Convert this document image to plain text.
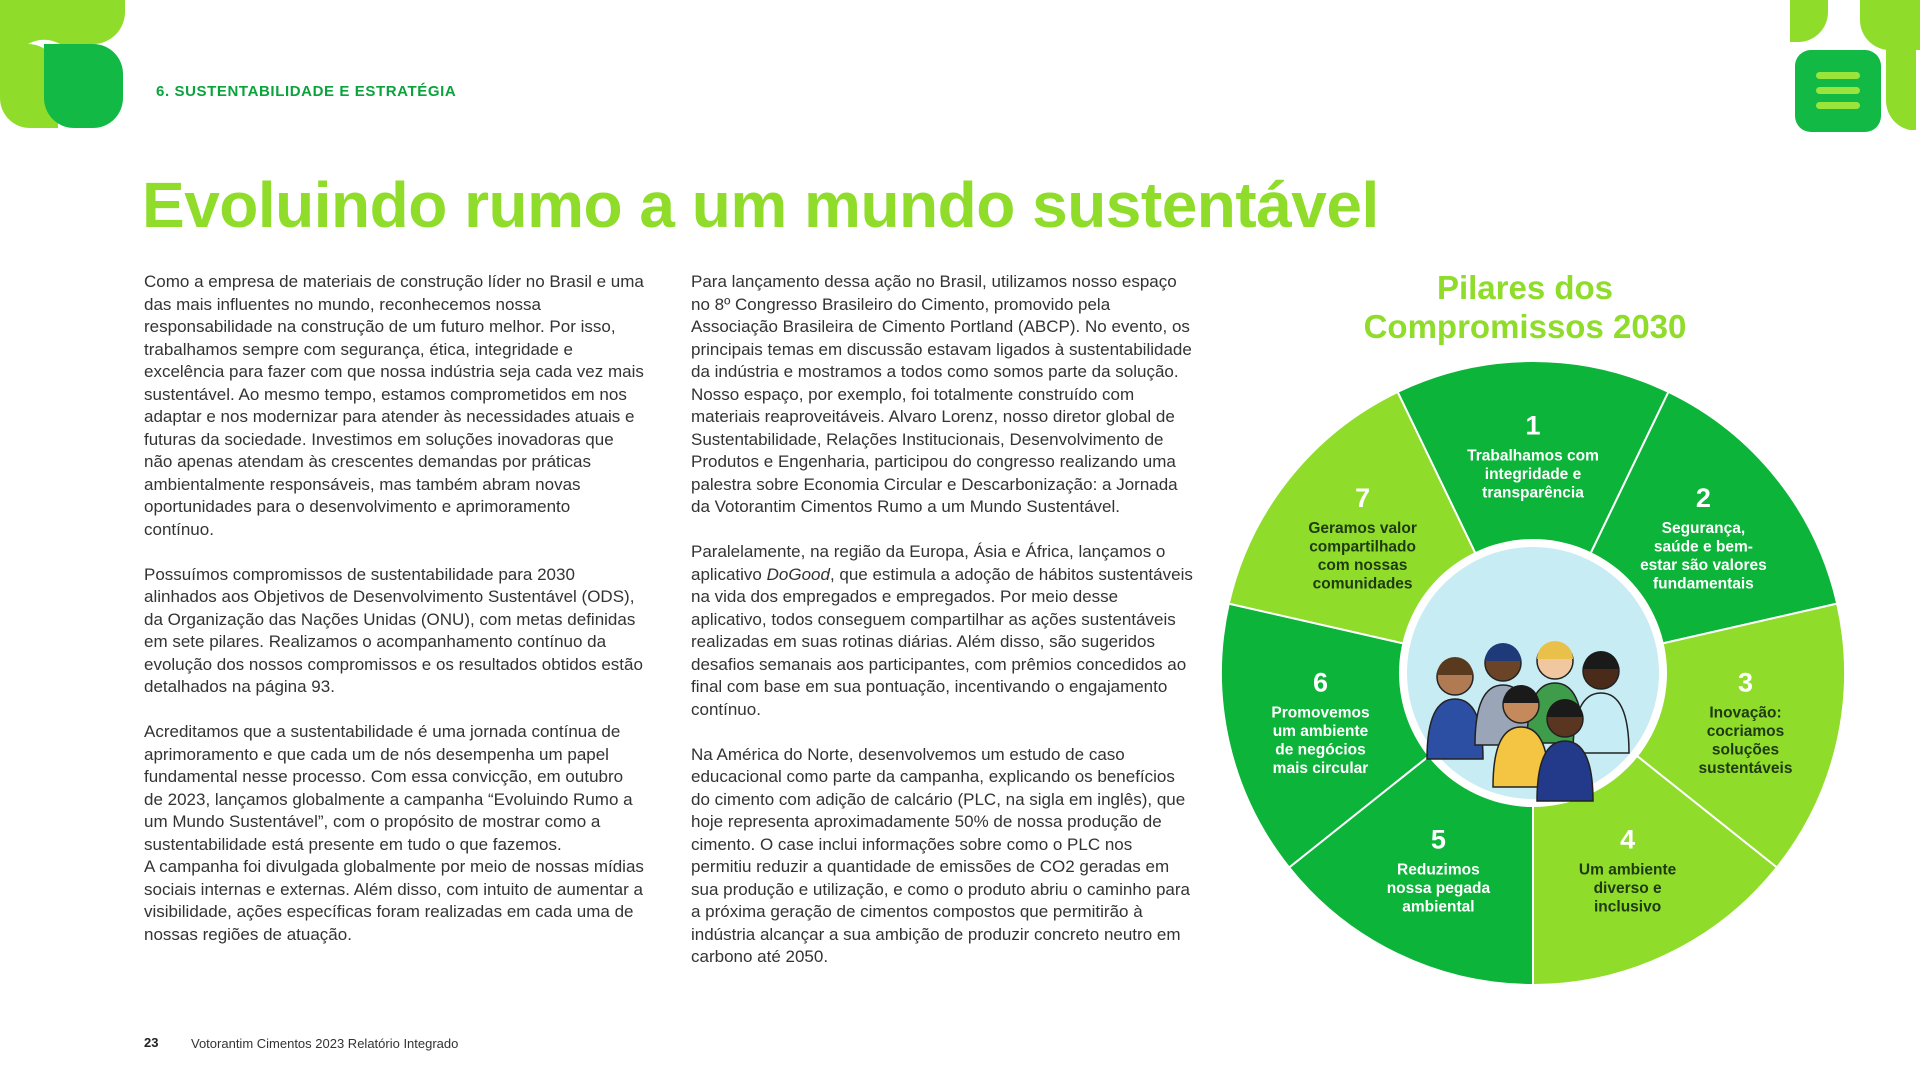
6. SUSTENTABILIDADE E ESTRATÉGIA
Evoluindo rumo a um mundo sustentável

Como a empresa de materiais de construção líder no Brasil e uma das mais influentes no mundo, reconhecemos nossa responsabilidade na construção de um futuro melhor. Por isso, trabalhamos sempre com segurança, ética, integridade e excelência para fazer com que nossa indústria seja cada vez mais sustentável. Ao mesmo tempo, estamos comprometidos em nos adaptar e nos modernizar para atender às necessidades atuais e futuras da sociedade. Investimos em soluções inovadoras que não apenas atendam às crescentes demandas por práticas ambientalmente responsáveis, mas também abram novas oportunidades para o desenvolvimento e aprimoramento contínuo.

Possuímos compromissos de sustentabilidade para 2030 alinhados aos Objetivos de Desenvolvimento Sustentável (ODS), da Organização das Nações Unidas (ONU), com metas definidas em sete pilares. Realizamos o acompanhamento contínuo da evolução dos nossos compromissos e os resultados obtidos estão detalhados na página 93.

Acreditamos que a sustentabilidade é uma jornada contínua de aprimoramento e que cada um de nós desempenha um papel fundamental nesse processo. Com essa convicção, em outubro de 2023, lançamos globalmente a campanha “Evoluindo Rumo a um Mundo Sustentável”, com o propósito de mostrar como a sustentabilidade está presente em tudo o que fazemos.
A campanha foi divulgada globalmente por meio de nossas mídias sociais internas e externas. Além disso, com intuito de aumentar a visibilidade, ações específicas foram realizadas em cada uma de nossas regiões de atuação.

Para lançamento dessa ação no Brasil, utilizamos nosso espaço no 8º Congresso Brasileiro do Cimento, promovido pela Associação Brasileira de Cimento Portland (ABCP). No evento, os principais temas em discussão estavam ligados à sustentabilidade da indústria e mostramos a todos como somos parte da solução. Nosso espaço, por exemplo, foi totalmente construído com materiais reaproveitáveis. Alvaro Lorenz, nosso diretor global de Sustentabilidade, Relações Institucionais, Desenvolvimento de Produtos e Engenharia, participou do congresso realizando uma palestra sobre Economia Circular e Descarbonização: a Jornada da Votorantim Cimentos Rumo a um Mundo Sustentável.

Paralelamente, na região da Europa, Ásia e África, lançamos o aplicativo DoGood, que estimula a adoção de hábitos sustentáveis na vida dos empregados e empregados. Por meio desse aplicativo, todos conseguem compartilhar as ações sustentáveis realizadas em suas rotinas diárias. Além disso, são sugeridos desafios semanais aos participantes, com prêmios concedidos ao final com base em sua pontuação, incentivando o engajamento contínuo.

Na América do Norte, desenvolvemos um estudo de caso educacional como parte da campanha, explicando os benefícios do cimento com adição de calcário (PLC, na sigla em inglês), que hoje representa aproximadamente 50% de nossa produção de cimento. O case inclui informações sobre como o PLC nos permitiu reduzir a quantidade de emissões de CO2 geradas em sua produção e utilização, e como o produto abriu o caminho para a próxima geração de cimentos compostos que permitirão à indústria alcançar a sua ambição de produzir concreto neutro em carbono até 2050.

Pilares dos
Compromissos 2030
1
Trabalhamos com integridade e transparência	2
Segurança, saúde e bem-estar são valores fundamentais
3
Inovação: cocriamos soluções sustentáveis
4
Um ambiente diverso e inclusivo
5
Reduzimos nossa pegada ambiental
6
Promovemos um ambiente de negócios mais circular
7
Geramos valor compartilhado com nossas comunidades
23	Votorantim Cimentos 2023 Relatório Integrado
